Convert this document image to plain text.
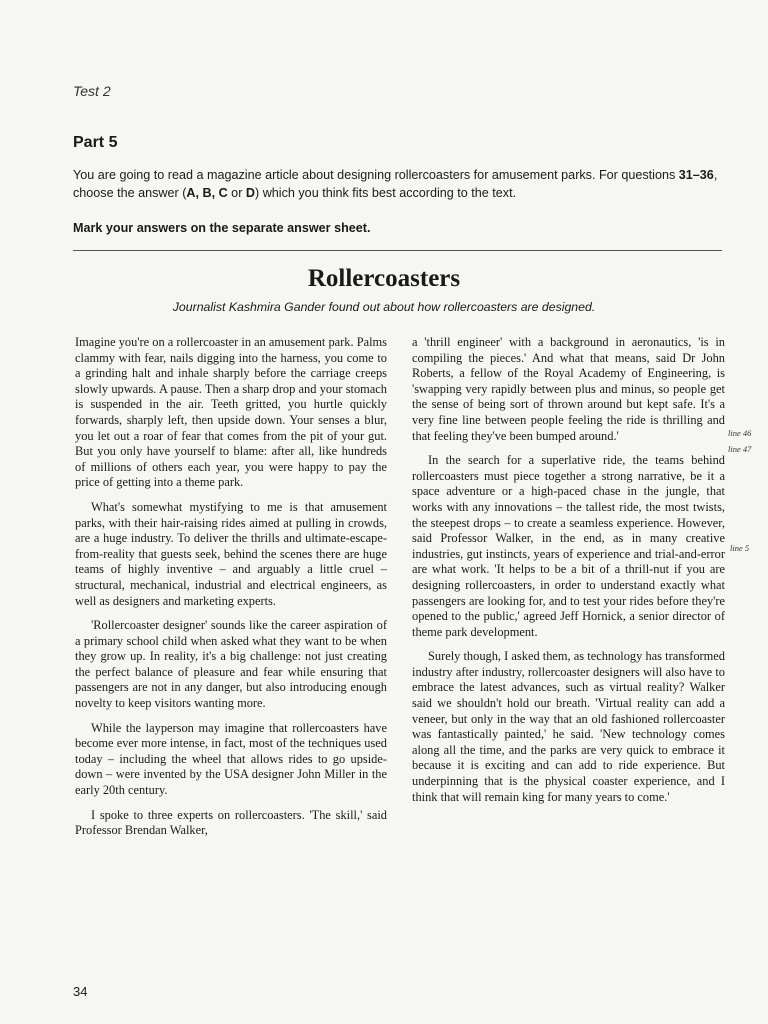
Test 2
Part 5
You are going to read a magazine article about designing rollercoasters for amusement parks. For questions 31–36, choose the answer (A, B, C or D) which you think fits best according to the text.
Mark your answers on the separate answer sheet.
Rollercoasters
Journalist Kashmira Gander found out about how rollercoasters are designed.

Imagine you're on a rollercoaster in an amusement park. Palms clammy with fear, nails digging into the harness, you come to a grinding halt and inhale sharply before the carriage creeps slowly upwards. A pause. Then a sharp drop and your stomach is suspended in the air. Teeth gritted, you hurtle quickly forwards, sharply left, then upside down. Your senses a blur, you let out a roar of fear that comes from the pit of your gut. But you only have yourself to blame: after all, like hundreds of millions of others each year, you were happy to pay the price of getting into a theme park.

What's somewhat mystifying to me is that amusement parks, with their hair-raising rides aimed at pulling in crowds, are a huge industry. To deliver the thrills and ultimate-escape-from-reality that guests seek, behind the scenes there are huge teams of highly inventive – and arguably a little cruel – structural, mechanical, industrial and electrical engineers, as well as designers and marketing experts.

'Rollercoaster designer' sounds like the career aspiration of a primary school child when asked what they want to be when they grow up. In reality, it's a big challenge: not just creating the perfect balance of pleasure and fear while ensuring that passengers are not in any danger, but also introducing enough novelty to keep visitors wanting more.

While the layperson may imagine that rollercoasters have become ever more intense, in fact, most of the techniques used today – including the wheel that allows rides to go upside-down – were invented by the USA designer John Miller in the early 20th century.

I spoke to three experts on rollercoasters. 'The skill,' said Professor Brendan Walker,

a 'thrill engineer' with a background in aeronautics, 'is in compiling the pieces.' And what that means, said Dr John Roberts, a fellow of the Royal Academy of Engineering, is 'swapping very rapidly between plus and minus, so people get the sense of being sort of thrown around but kept safe. It's a very fine line between people feeling the ride is thrilling and that feeling they've been bumped around.'

In the search for a superlative ride, the teams behind rollercoasters must piece together a strong narrative, be it a space adventure or a high-paced chase in the jungle, that works with any innovations – the tallest ride, the most twists, the steepest drops – to create a seamless experience. However, said Professor Walker, in the end, as in many creative industries, gut instincts, years of experience and trial-and-error are what work. 'It helps to be a bit of a thrill-nut if you are designing rollercoasters, in order to understand exactly what passengers are looking for, and to test your rides before they're opened to the public,' agreed Jeff Hornick, a senior director of theme park development.

Surely though, I asked them, as technology has transformed industry after industry, rollercoaster designers will also have to embrace the latest advances, such as virtual reality? Walker said we shouldn't hold our breath. 'Virtual reality can add a veneer, but only in the way that an old fashioned rollercoaster was fantastically painted,' he said. 'New technology comes along all the time, and the parks are very quick to embrace it because it is exciting and can add to ride experience. But underpinning that is the physical coaster experience, and I think that will remain king for many years to come.'

line 46
line 47
line 5
34
